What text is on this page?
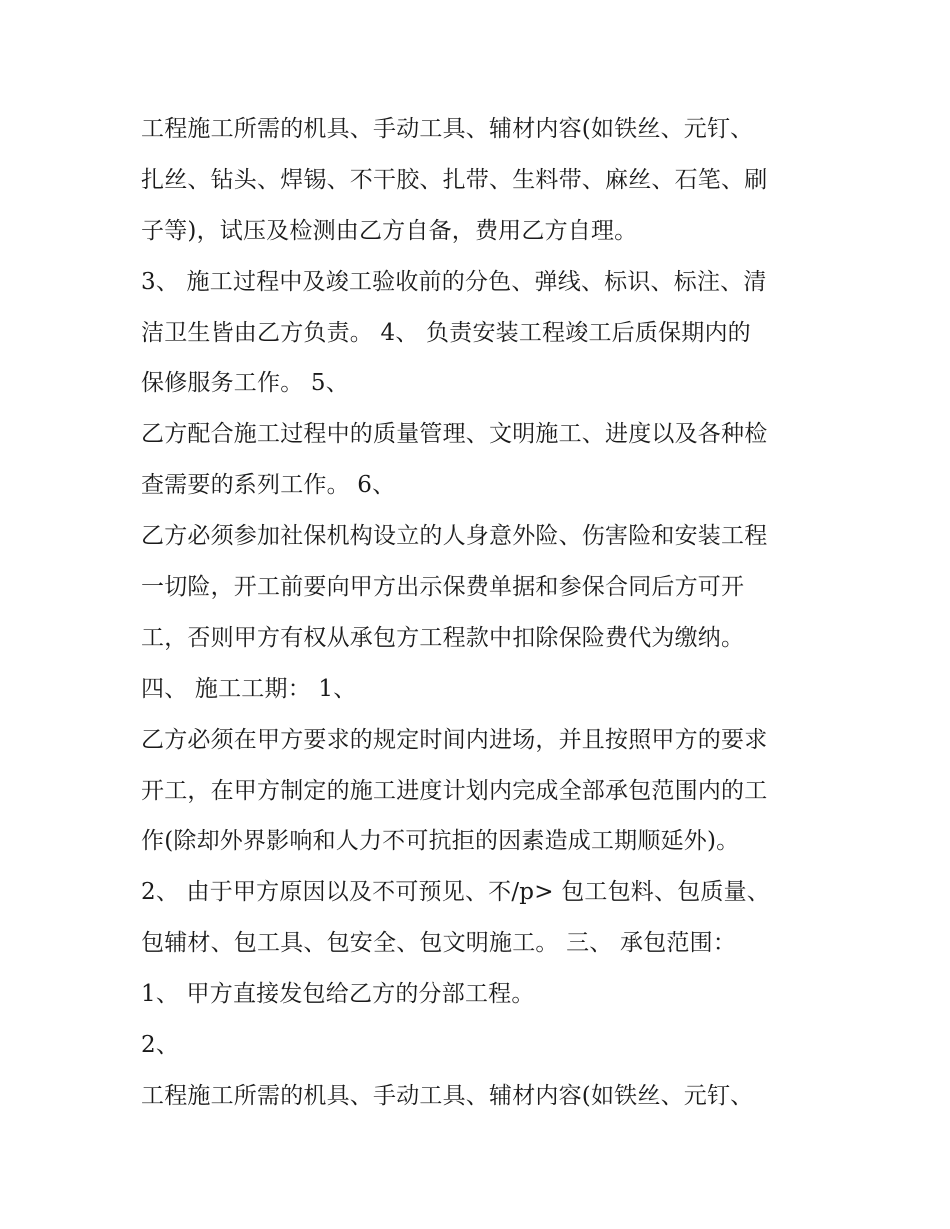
工程施工所需的机具、手动工具、辅材内容(如铁丝、元钉、
扎丝、钻头、焊锡、不干胶、扎带、生料带、麻丝、石笔、刷
子等)，试压及检测由乙方自备，费用乙方自理。
3、 施工过程中及竣工验收前的分色、弹线、标识、标注、清
洁卫生皆由乙方负责。 4、 负责安装工程竣工后质保期内的
保修服务工作。 5、
乙方配合施工过程中的质量管理、文明施工、进度以及各种检
查需要的系列工作。 6、
乙方必须参加社保机构设立的人身意外险、伤害险和安装工程
一切险，开工前要向甲方出示保费单据和参保合同后方可开
工，否则甲方有权从承包方工程款中扣除保险费代为缴纳。
四、 施工工期： 1、
乙方必须在甲方要求的规定时间内进场，并且按照甲方的要求
开工，在甲方制定的施工进度计划内完成全部承包范围内的工
作(除却外界影响和人力不可抗拒的因素造成工期顺延外)。
2、 由于甲方原因以及不可预见、不/p> 包工包料、包质量、
包辅材、包工具、包安全、包文明施工。 三、 承包范围：
1、 甲方直接发包给乙方的分部工程。
2、
工程施工所需的机具、手动工具、辅材内容(如铁丝、元钉、
